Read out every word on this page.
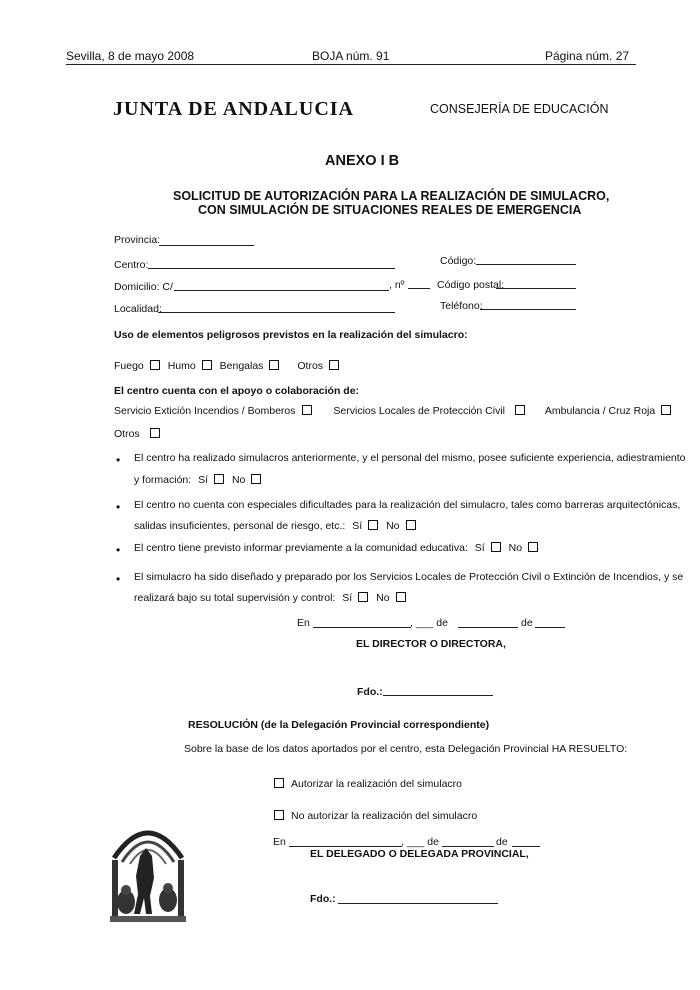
Sevilla, 8 de mayo 2008	BOJA núm. 91	Página núm. 27
JUNTA DE ANDALUCIA	CONSEJERÍA DE EDUCACIÓN
ANEXO I B
SOLICITUD DE AUTORIZACIÓN PARA LA REALIZACIÓN DE SIMULACRO,
CON SIMULACIÓN DE SITUACIONES REALES DE EMERGENCIA
Provincia:
Centro:	Código:
Domicilio: C/	, nº	Código postal:
Localidad:	Teléfono:
Uso de elementos peligrosos previstos en la realización del simulacro:
Fuego Humo Bengalas	Otros
El centro cuenta con el apoyo o colaboración de:
Servicio Extición Incendios / Bomberos	Servicios Locales de Protección Civil	Ambulancia / Cruz Roja
Otros
• El centro ha realizado simulacros anteriormente, y el personal del mismo, posee suficiente experiencia, adiestramiento
y formación: Sí No
• El centro no cuenta con especiales dificultades para la realización del simulacro, tales como barreras arquitectónicas,
salidas insuficientes, personal de riesgo, etc.: Sí No
• El centro tiene previsto informar previamente a la comunidad educativa: Sí No
• El simulacro ha sido diseñado y preparado por los Servicios Locales de Protección Civil o Extinción de Incendios, y se
realizará bajo su total supervisión y control: Sí No
En	, ___ de	de
EL DIRECTOR O DIRECTORA,
Fdo.:
RESOLUCIÓN (de la Delegación Provincial correspondiente)
Sobre la base de los datos aportados por el centro, esta Delegación Provincial HA RESUELTO:
Autorizar la realización del simulacro
No autorizar la realización del simulacro
En	, ___ de	de
EL DELEGADO O DELEGADA PROVINCIAL,
Fdo.:
